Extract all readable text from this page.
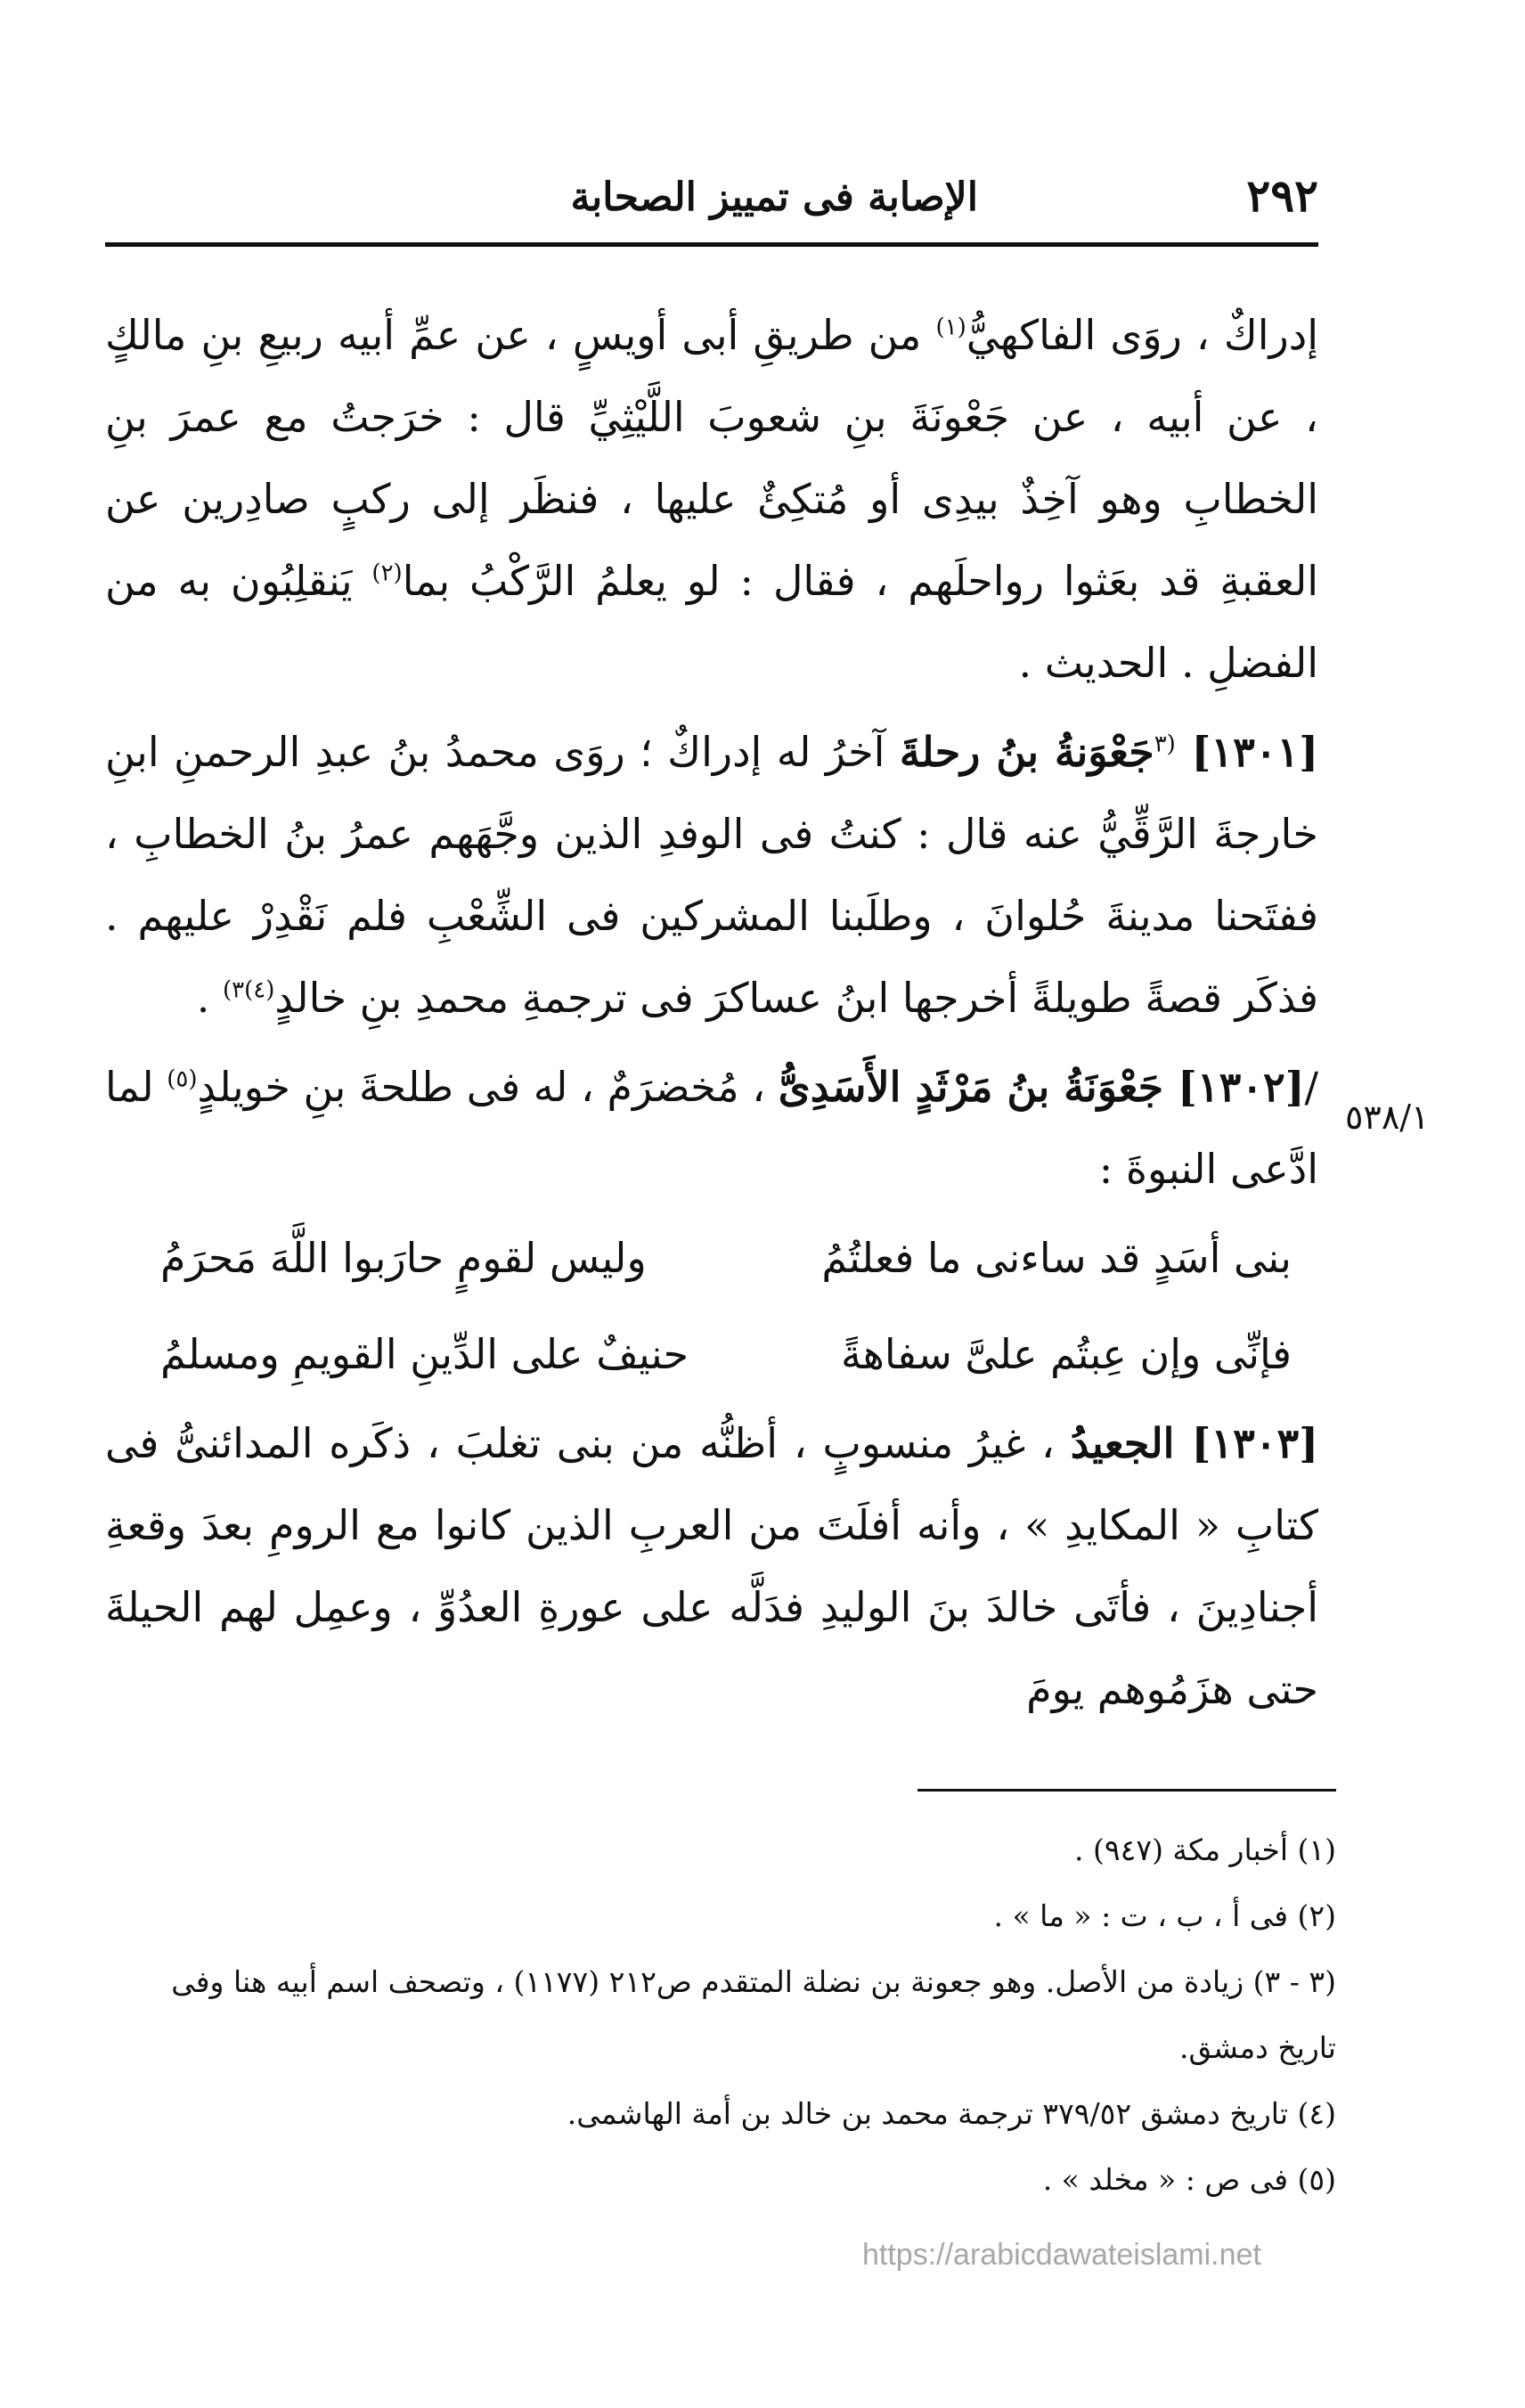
٢٩٢
الإصابة فى تمييز الصحابة
٥٣٨/١

إدراكٌ ، روَى الفاكهيُّ$^{(١)}$ من طريقِ أبى أويسٍ ، عن عمِّ أبيه ربيعِ بنِ مالكٍ ، عن أبيه ، عن جَعْونَةَ بنِ شعوبَ اللَّيْثِيِّ قال : خرَجتُ مع عمرَ بنِ الخطابِ وهو آخِذٌ بيدِى أو مُتكِئٌ عليها ، فنظَر إلى ركبٍ صادِرين عن العقبةِ قد بعَثوا رواحلَهم ، فقال : لو يعلمُ الرَّكْبُ بما$^{(٢)}$ يَنقلِبُون به من الفضلِ . الحديث .

[١٣٠١] $^{(٣}$جَعْوَنةُ بنُ رحلةَ آخرُ له إدراكٌ ؛ روَى محمدُ بنُ عبدِ الرحمنِ ابنِ خارجةَ الرَّقِّيُّ عنه قال : كنتُ فى الوفدِ الذين وجَّهَهم عمرُ بنُ الخطابِ ، ففتَحنا مدينةَ حُلوانَ ، وطلَبنا المشركين فى الشِّعْبِ فلم نَقْدِرْ عليهم . فذكَر قصةً طويلةً أخرجها ابنُ عساكرَ فى ترجمةِ محمدِ بنِ خالدٍ$^{(٤)٣)}$ .

/[١٣٠٢] جَعْوَنَةُ بنُ مَرْثَدٍ الأَسَدِىُّ ، مُخضرَمٌ ، له فى طلحةَ بنِ خويلدٍ$^{(٥)}$ لما ادَّعى النبوةَ :

بنى أسَدٍ قد ساءنى ما فعلتُمُ
وليس لقومٍ حارَبوا اللَّهَ مَحرَمُ
فإنِّى وإن عِبتُم علىَّ سفاهةً
حنيفٌ على الدِّينِ القويمِ ومسلمُ

[١٣٠٣] الجعيدُ ، غيرُ منسوبٍ ، أظنُّه من بنى تغلبَ ، ذكَره المدائنىُّ فى كتابِ « المكايدِ » ، وأنه أفلَتَ من العربِ الذين كانوا مع الرومِ بعدَ وقعةِ أجنادِينَ ، فأتَى خالدَ بنَ الوليدِ فدَلَّه على عورةِ العدُوِّ ، وعمِل لهم الحيلةَ حتى هزَمُوهم يومَ

(١) أخبار مكة (٩٤٧) .

(٢) فى أ ، ب ، ت : « ما » .

(٣ - ٣) زيادة من الأصل. وهو جعونة بن نضلة المتقدم ص٢١٢ (١١٧٧) ، وتصحف اسم أبيه هنا وفى تاريخ دمشق.

(٤) تاريخ دمشق ٣٧٩/٥٢ ترجمة محمد بن خالد بن أمة الهاشمى.

(٥) فى ص : « مخلد » .

https://arabicdawateislami.net
